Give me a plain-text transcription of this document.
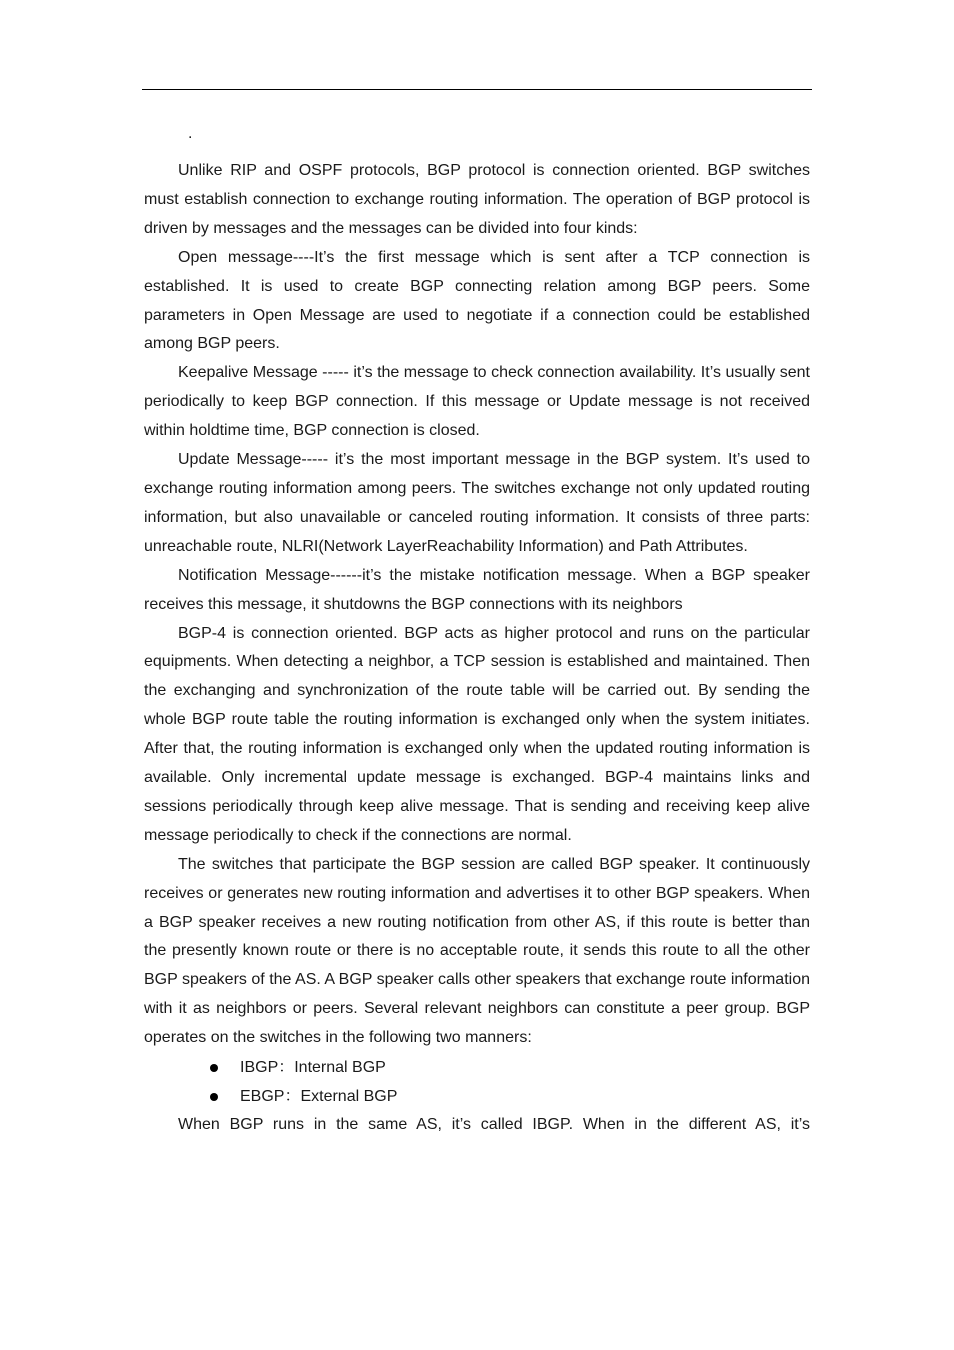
.

Unlike RIP and OSPF protocols, BGP protocol is connection oriented. BGP switches must establish connection to exchange routing information. The operation of BGP protocol is driven by messages and the messages can be divided into four kinds:

Open message----It’s the first message which is sent after a TCP connection is established. It is used to create BGP connecting relation among BGP peers. Some parameters in Open Message are used to negotiate if a connection could be established among BGP peers.

Keepalive Message ----- it’s the message to check connection availability. It’s usually sent periodically to keep BGP connection. If this message or Update message is not received within holdtime time, BGP connection is closed.

Update Message----- it’s the most important message in the BGP system. It’s used to exchange routing information among peers. The switches exchange not only updated routing information, but also unavailable or canceled routing information. It consists of three parts: unreachable route, NLRI(Network LayerReachability Information) and Path Attributes.

Notification Message------it’s the mistake notification message. When a BGP speaker receives this message, it shutdowns the BGP connections with its neighbors

BGP-4 is connection oriented. BGP acts as higher protocol and runs on the particular equipments. When detecting a neighbor, a TCP session is established and maintained. Then the exchanging and synchronization of the route table will be carried out. By sending the whole BGP route table the routing information is exchanged only when the system initiates. After that, the routing information is exchanged only when the updated routing information is available. Only incremental update message is exchanged. BGP-4 maintains links and sessions periodically through keep alive message. That is sending and receiving keep alive message periodically to check if the connections are normal.

The switches that participate the BGP session are called BGP speaker. It continuously receives or generates new routing information and advertises it to other BGP speakers. When a BGP speaker receives a new routing notification from other AS, if this route is better than the presently known route or there is no acceptable route, it sends this route to all the other BGP speakers of the AS. A BGP speaker calls other speakers that exchange route information with it as neighbors or peers. Several relevant neighbors can constitute a peer group. BGP operates on the switches in the following two manners:

IBGP：Internal BGP
EBGP：External BGP

When BGP runs in the same AS, it’s called IBGP. When in the different AS, it’s
